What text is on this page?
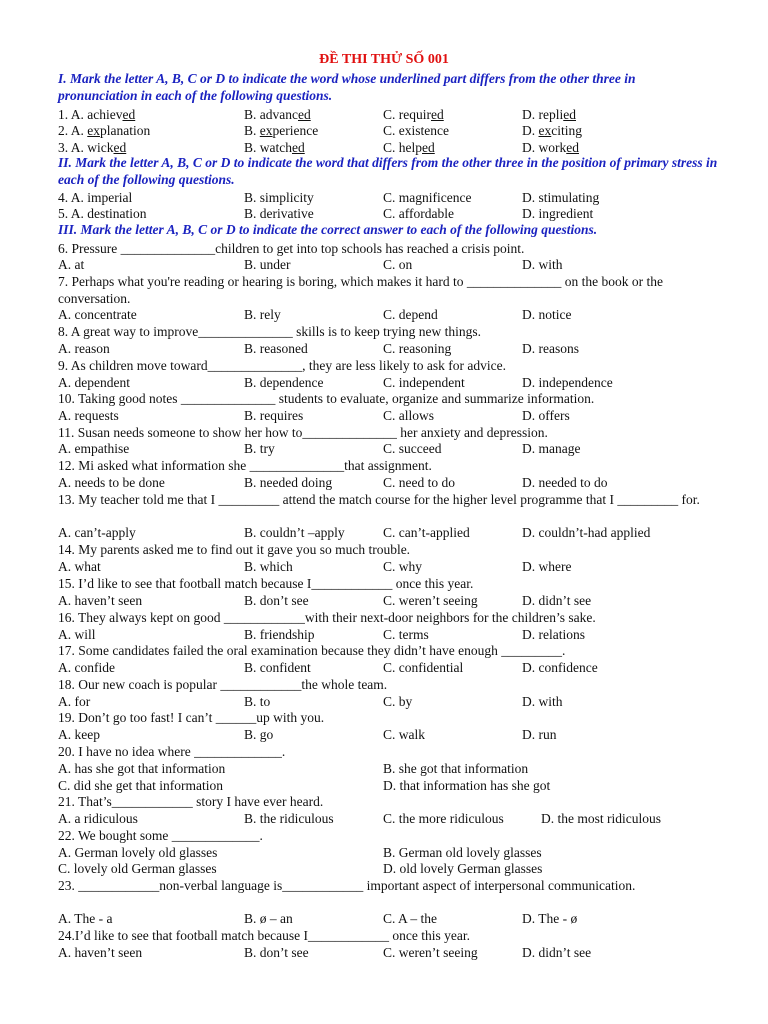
ĐỀ THI THỬ SỐ 001
I. Mark the letter A, B, C or D to indicate the word whose underlined part differs from the other three in pronunciation in each of the following questions.
1. A. achieved	B. advanced	C. required	D. replied
2. A. explanation	B. experience	C. existence	D. exciting
3. A. wicked	B. watched	C. helped	D. worked
II. Mark the letter A, B, C or D to indicate the word that differs from the other three in the position of primary stress in each of the following questions.
4. A. imperial	B. simplicity	C. magnificence	D. stimulating
5. A. destination	B. derivative	C. affordable	D. ingredient
III. Mark the letter A, B, C or D to indicate the correct answer to each of the following questions.
6. Pressure ______________children to get into top schools has reached a crisis point.
A. at	B. under	C. on	D. with
7. Perhaps what you're reading or hearing is boring, which makes it hard to ______________ on the book or the conversation.
A. concentrate	B. rely	C. depend	D. notice
8. A great way to improve______________ skills is to keep trying new things.
A. reason	B. reasoned	C. reasoning	D. reasons
9. As children move toward______________, they are less likely to ask for advice.
A. dependent	B. dependence	C. independent	D. independence
10. Taking good notes ______________ students to evaluate, organize and summarize information.
A. requests	B. requires	C. allows	D. offers
11. Susan needs someone to show her how to______________ her anxiety and depression.
A. empathise	B. try	C. succeed	D. manage
12. Mi asked what information she ______________that assignment.
A. needs to be done	B. needed doing	C. need to do	D. needed to do
13. My teacher told me that I _________ attend the match course for the higher level programme that I _________ for.
A. can’t-apply	B. couldn’t –apply	C. can’t-applied	D. couldn’t-had applied
14. My parents asked me to find out it gave you so much trouble.
A. what	B. which	C. why	D. where
15. I’d like to see that football match because I____________ once this year.
A. haven’t seen	B. don’t see	C. weren’t seeing	D. didn’t see
16. They always kept on good ____________with their next-door neighbors for the children’s sake.
A. will	B. friendship	C. terms	D. relations
17. Some candidates failed the oral examination because they didn’t have enough _________.
A. confide	B. confident	C. confidential	D. confidence
18. Our new coach is popular ____________the whole team.
A. for	B. to	C. by	D. with
19. Don’t go too fast! I can’t ______up with you.
A. keep	B. go	C. walk	D. run
20. I have no idea where _____________.
A. has she got that information	B. she got that information
C. did she get that information	D. that information has she got
21. That’s____________ story I have ever heard.
A. a ridiculous	B. the ridiculous	C. the more ridiculous	D. the most ridiculous
22. We bought some _____________.
A. German lovely old glasses	B. German old lovely glasses
C. lovely old German glasses	D. old lovely German glasses
23. ____________non-verbal language is____________ important aspect of interpersonal communication.
A. The - a	B. ø – an	C. A – the	D. The - ø
24.I’d like to see that football match because I____________ once this year.
A. haven’t seen	B. don’t see	C. weren’t seeing	D. didn’t see
